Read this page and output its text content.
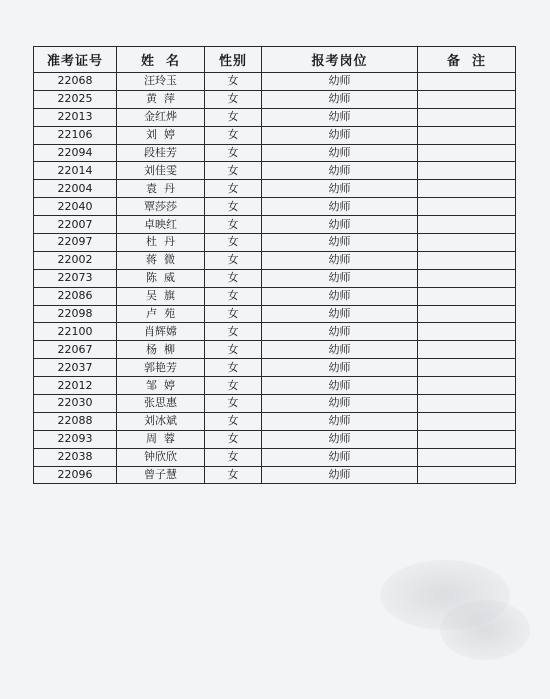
准考证号	姓  名	性别	报考岗位	备  注
22068	汪玲玉	女	幼师	
22025	黄  萍	女	幼师	
22013	金红烨	女	幼师	
22106	刘  婷	女	幼师	
22094	段桂芳	女	幼师	
22014	刘佳雯	女	幼师	
22004	袁  丹	女	幼师	
22040	覃莎莎	女	幼师	
22007	卓映红	女	幼师	
22097	杜  丹	女	幼师	
22002	蒋  微	女	幼师	
22073	陈  威	女	幼师	
22086	吴  旗	女	幼师	
22098	卢  苑	女	幼师	
22100	肖辉嫦	女	幼师	
22067	杨  柳	女	幼师	
22037	郭艳芳	女	幼师	
22012	邹  婷	女	幼师	
22030	张思惠	女	幼师	
22088	刘冰斌	女	幼师	
22093	周  蓉	女	幼师	
22038	钟欣欣	女	幼师	
22096	曾子慧	女	幼师	
